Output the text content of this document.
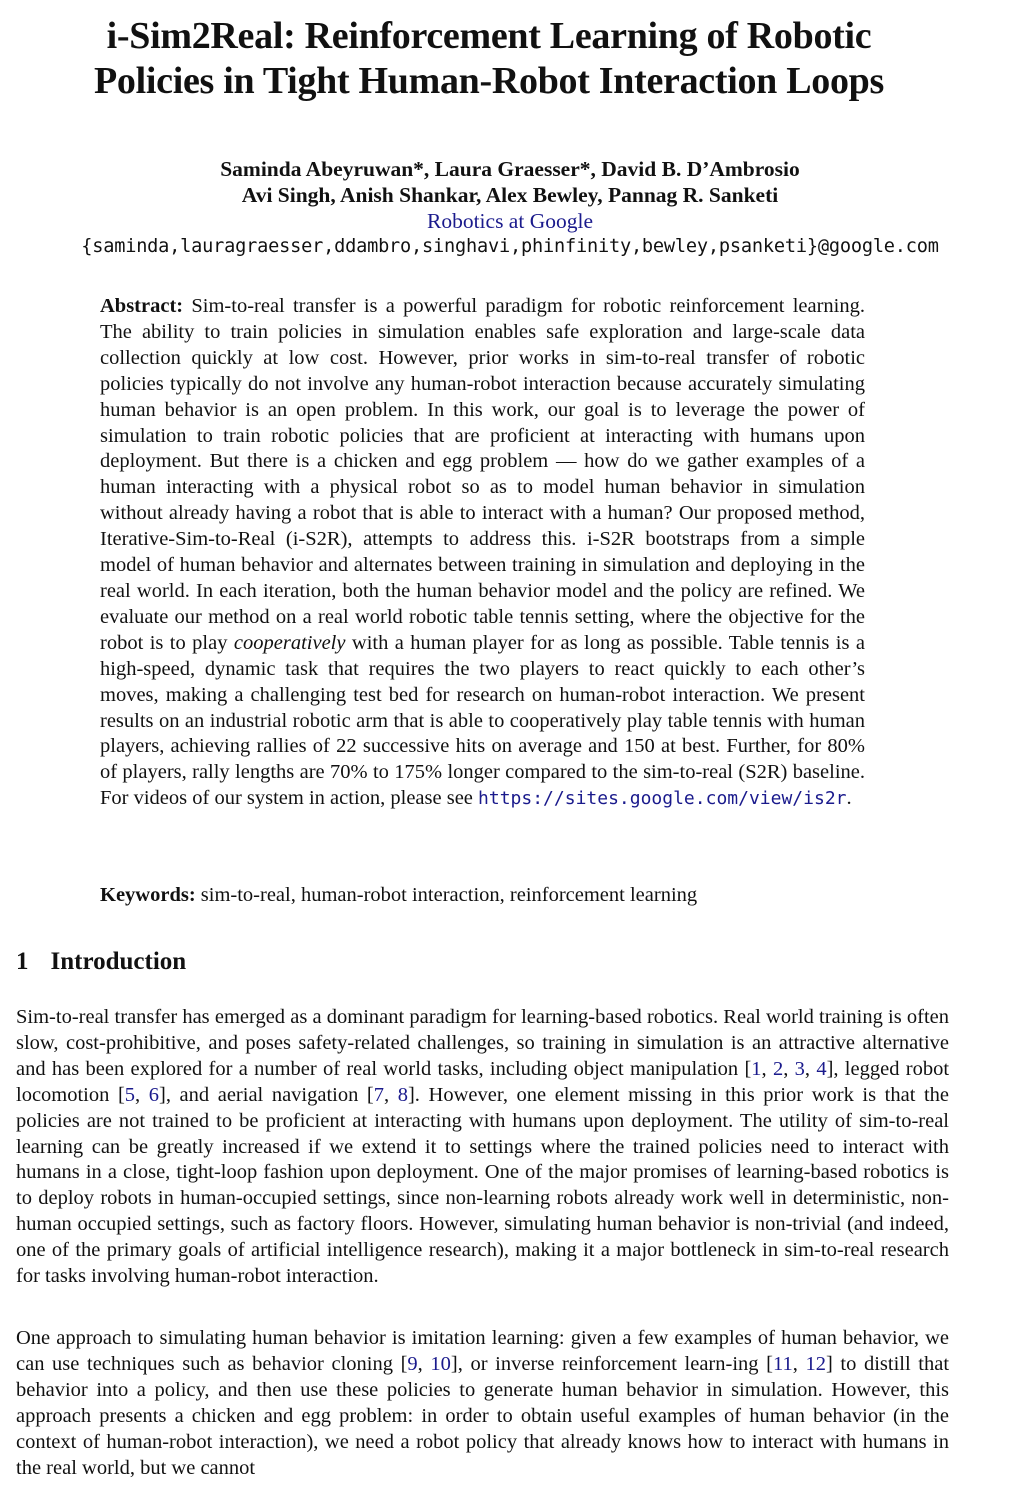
i-Sim2Real: Reinforcement Learning of Robotic
Policies in Tight Human-Robot Interaction Loops
Saminda Abeyruwan*, Laura Graesser*, David B. D’Ambrosio
Avi Singh, Anish Shankar, Alex Bewley, Pannag R. Sanketi
Robotics at Google
{saminda,lauragraesser,ddambro,singhavi,phinfinity,bewley,psanketi}@google.com

Abstract: Sim-to-real transfer is a powerful paradigm for robotic reinforcement learning. The ability to train policies in simulation enables safe exploration and large-scale data collection quickly at low cost. However, prior works in sim-to-real transfer of robotic policies typically do not involve any human-robot interaction because accurately simulating human behavior is an open problem. In this work, our goal is to leverage the power of simulation to train robotic policies that are proficient at interacting with humans upon deployment. But there is a chicken and egg problem — how do we gather examples of a human interacting with a physical robot so as to model human behavior in simulation without already having a robot that is able to interact with a human? Our proposed method, Iterative-Sim-to-Real (i-S2R), attempts to address this. i-S2R bootstraps from a simple model of human behavior and alternates between training in simulation and deploying in the real world. In each iteration, both the human behavior model and the policy are refined. We evaluate our method on a real world robotic table tennis setting, where the objective for the robot is to play cooperatively with a human player for as long as possible. Table tennis is a high-speed, dynamic task that requires the two players to react quickly to each other’s moves, making a challenging test bed for research on human-robot interaction. We present results on an industrial robotic arm that is able to cooperatively play table tennis with human players, achieving rallies of 22 successive hits on average and 150 at best. Further, for 80% of players, rally lengths are 70% to 175% longer compared to the sim-to-real (S2R) baseline. For videos of our system in action, please see https://sites.google.com/view/is2r.

Keywords: sim-to-real, human-robot interaction, reinforcement learning

1 Introduction

Sim-to-real transfer has emerged as a dominant paradigm for learning-based robotics. Real world training is often slow, cost-prohibitive, and poses safety-related challenges, so training in simulation is an attractive alternative and has been explored for a number of real world tasks, including object manipulation [1, 2, 3, 4], legged robot locomotion [5, 6], and aerial navigation [7, 8]. However, one element missing in this prior work is that the policies are not trained to be proficient at interacting with humans upon deployment. The utility of sim-to-real learning can be greatly increased if we extend it to settings where the trained policies need to interact with humans in a close, tight-loop fashion upon deployment. One of the major promises of learning-based robotics is to deploy robots in human-occupied settings, since non-learning robots already work well in deterministic, non-human occupied settings, such as factory floors. However, simulating human behavior is non-trivial (and indeed, one of the primary goals of artificial intelligence research), making it a major bottleneck in sim-to-real research for tasks involving human-robot interaction.

One approach to simulating human behavior is imitation learning: given a few examples of human behavior, we can use techniques such as behavior cloning [9, 10], or inverse reinforcement learn-ing [11, 12] to distill that behavior into a policy, and then use these policies to generate human behavior in simulation. However, this approach presents a chicken and egg problem: in order to obtain useful examples of human behavior (in the context of human-robot interaction), we need a robot policy that already knows how to interact with humans in the real world, but we cannot
